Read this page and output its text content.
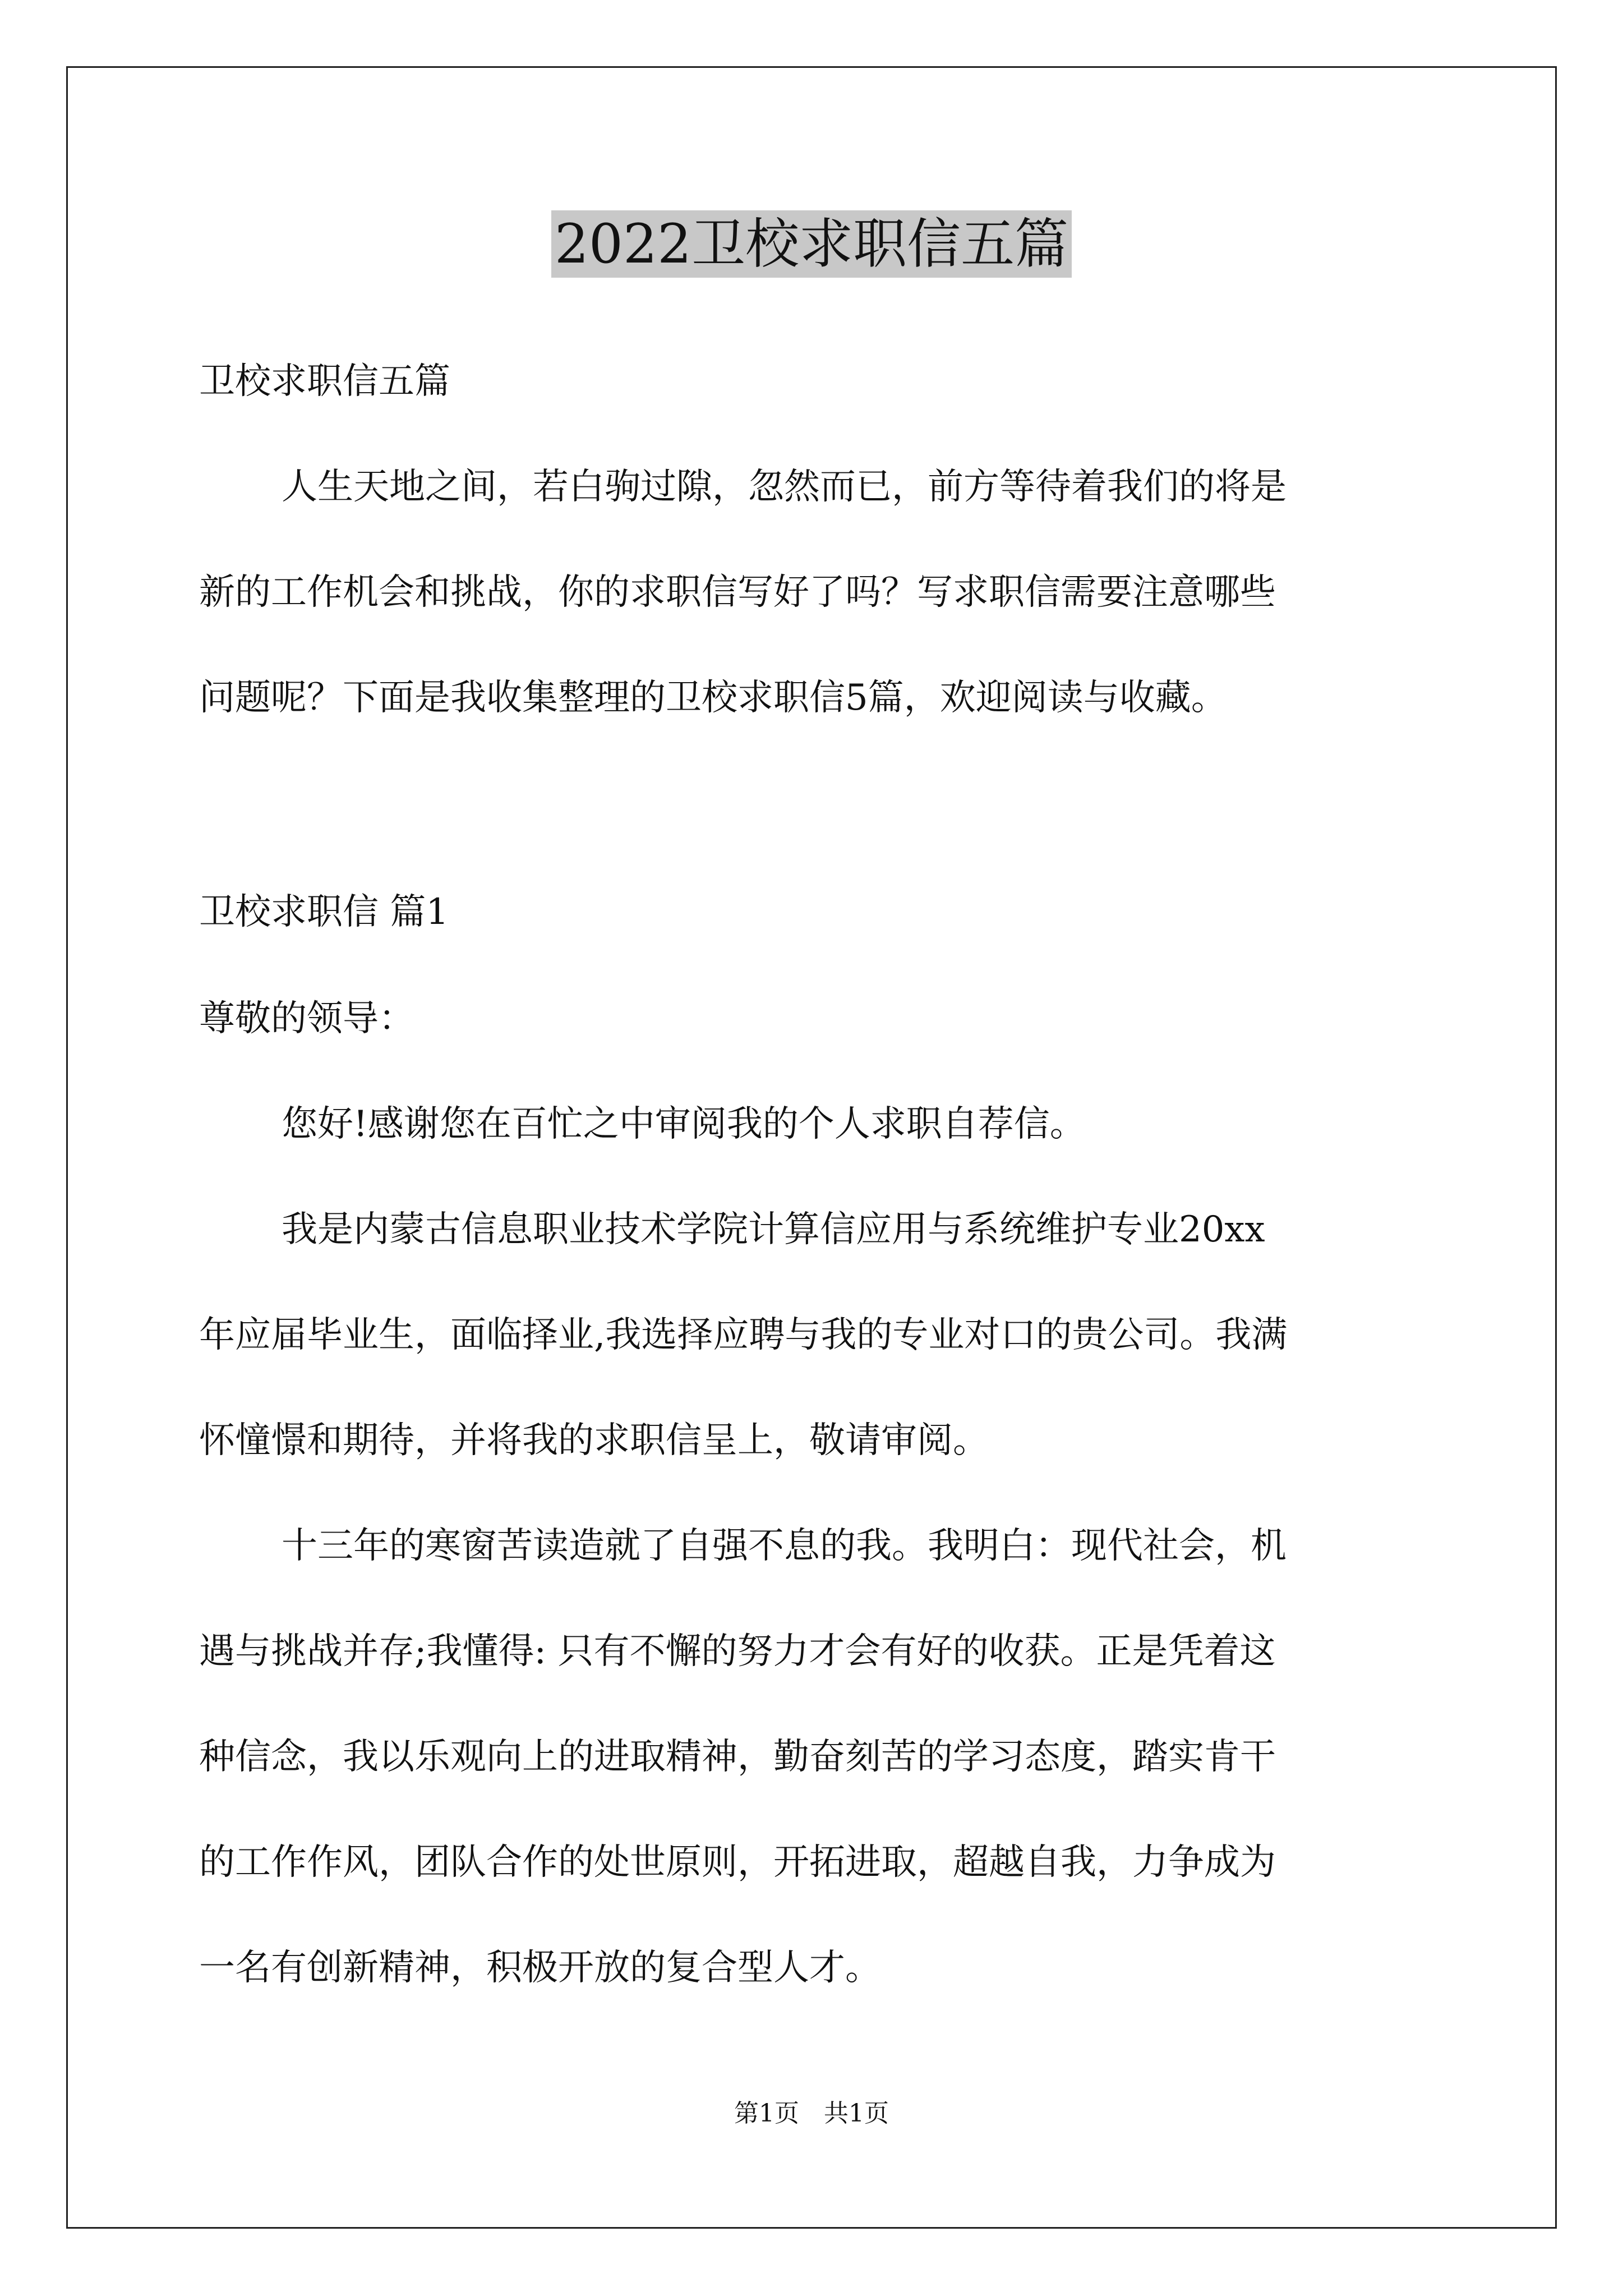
2022卫校求职信五篇

卫校求职信五篇

人生天地之间，若白驹过隙，忽然而已，前方等待着我们的将是

新的工作机会和挑战，你的求职信写好了吗？写求职信需要注意哪些

问题呢？下面是我收集整理的卫校求职信5篇，欢迎阅读与收藏。

卫校求职信 篇1

尊敬的领导：

您好!感谢您在百忙之中审阅我的个人求职自荐信。

我是内蒙古信息职业技术学院计算信应用与系统维护专业20xx

年应届毕业生，面临择业,我选择应聘与我的专业对口的贵公司。我满

怀憧憬和期待，并将我的求职信呈上，敬请审阅。

十三年的寒窗苦读造就了自强不息的我。我明白：现代社会，机

遇与挑战并存;我懂得: 只有不懈的努力才会有好的收获。正是凭着这

种信念，我以乐观向上的进取精神，勤奋刻苦的学习态度，踏实肯干

的工作作风，团队合作的处世原则，开拓进取，超越自我，力争成为

一名有创新精神，积极开放的复合型人才。

第1页　共1页
